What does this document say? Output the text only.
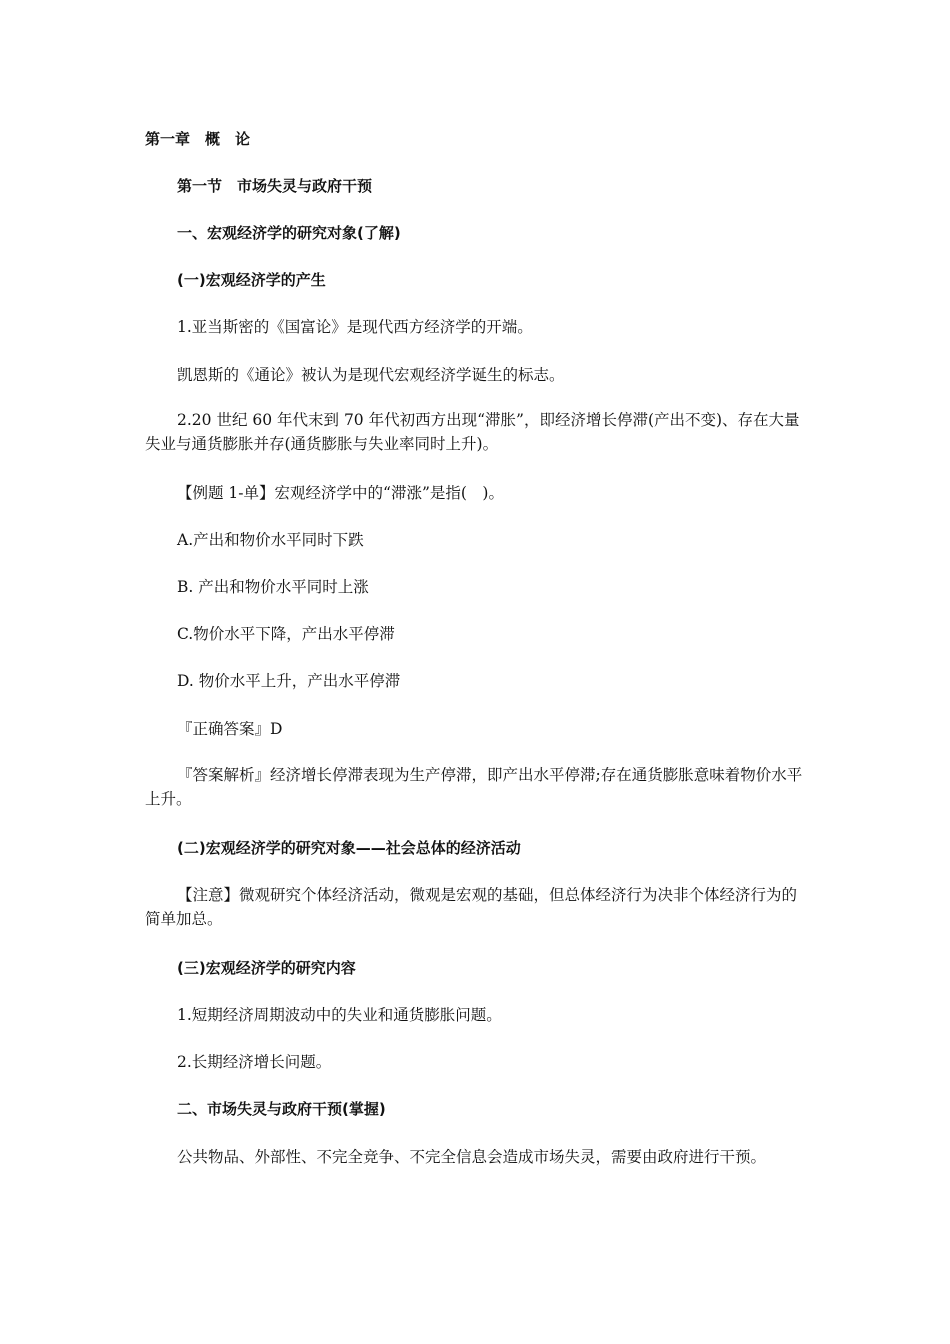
第一章　概　论
第一节　市场失灵与政府干预
一、宏观经济学的研究对象(了解)
(一)宏观经济学的产生
1.亚当斯密的《国富论》是现代西方经济学的开端。
凯恩斯的《通论》被认为是现代宏观经济学诞生的标志。
2.20 世纪 60 年代末到 70 年代初西方出现“滞胀”，即经济增长停滞(产出不变)、存在大量失业与通货膨胀并存(通货膨胀与失业率同时上升)。
【例题 1-单】宏观经济学中的“滞涨”是指(　)。
A.产出和物价水平同时下跌
B. 产出和物价水平同时上涨
C.物价水平下降，产出水平停滞
D. 物价水平上升，产出水平停滞
『正确答案』D
『答案解析』经济增长停滞表现为生产停滞，即产出水平停滞;存在通货膨胀意味着物价水平上升。
(二)宏观经济学的研究对象——社会总体的经济活动
【注意】微观研究个体经济活动，微观是宏观的基础，但总体经济行为决非个体经济行为的简单加总。
(三)宏观经济学的研究内容
1.短期经济周期波动中的失业和通货膨胀问题。
2.长期经济增长问题。
二、市场失灵与政府干预(掌握)
公共物品、外部性、不完全竞争、不完全信息会造成市场失灵，需要由政府进行干预。
